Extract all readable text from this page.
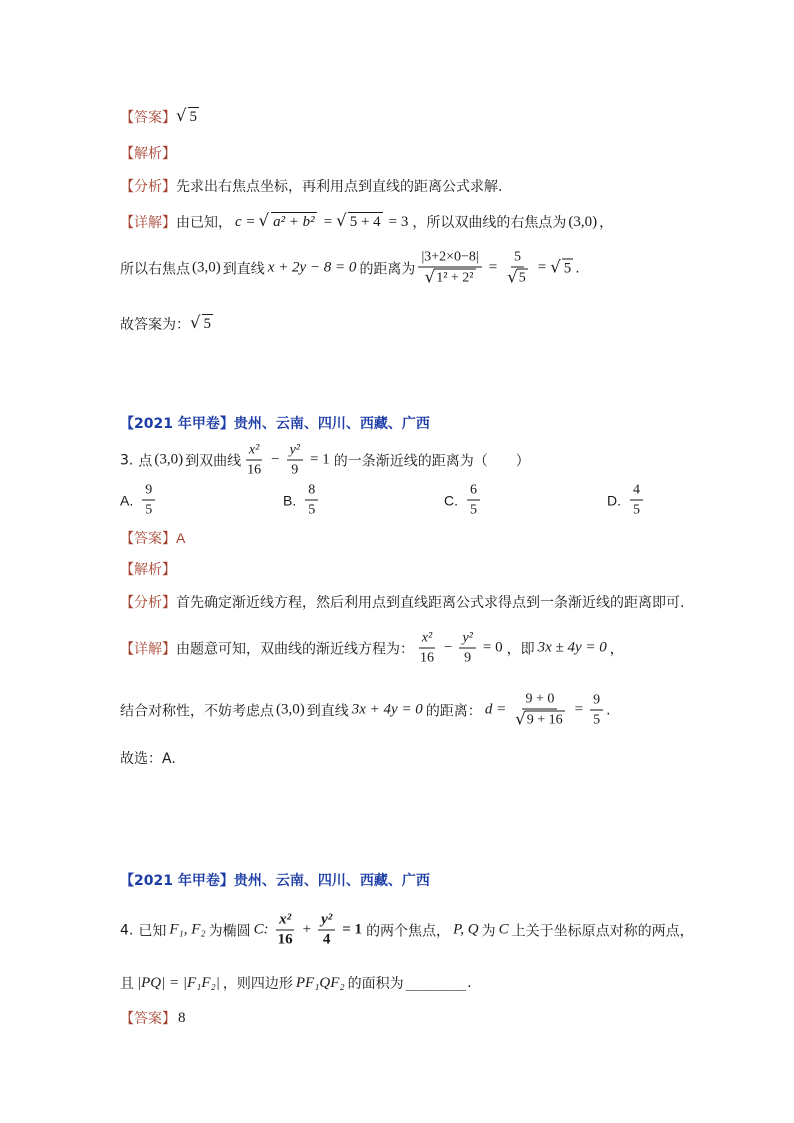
【答案】 √ 5
【解析】
【分析】 先求出右焦点坐标，再利用点到直线的距离公式求解.
【详解】 由已知， c = √ a² + b² = √ 5 + 4 = 3 ，所以双曲线的右焦点为 (3,0) ，
所以右焦点 (3,0) 到直线 x + 2y − 8 = 0 的距离为 |3+2×0−8|
√ 1² + 2² = 5
√ 5 = √ 5 .
故答案为： √ 5
【2021 年甲卷】 贵州、云南、四川、西藏、广西
3. 点 (3,0) 到双曲线 $\frac{\text{x²}}{16} - \frac{\text{y²}}{9} = 1$ 的一条渐近线的距离为（　　）
A. $\frac{9}{5}$	B. $\frac{8}{5}$	C. $\frac{6}{5}$	D. $\frac{4}{5}$
【答案】 A
【解析】
【分析】 首先确定渐近线方程，然后利用点到直线距离公式求得点到一条渐近线的距离即可.
【详解】 由题意可知，双曲线的渐近线方程为： $\frac{\text{x²}}{16} - \frac{\text{y²}}{9} = 0$ ，即 3x ± 4y = 0 ，
结合对称性，不妨考虑点 (3,0) 到直线 3x + 4y = 0 的距离： d = 9 + 0
√ $9 + 16 = \frac{9}{5}$ .
故选：A.
【2021 年甲卷】 贵州、云南、四川、西藏、广西
4. 已知 F₁, F₂ 为椭圆 C: $\frac{\text{x²}}{16} + \frac{\text{y²}}{4} = 1$ 的两个焦点， P, Q 为 C 上关于坐标原点对称的两点，
且 |PQ| = |F₁F₂| ，则四边形 PF₁QF₂ 的面积为 ________ .
【答案】 8
